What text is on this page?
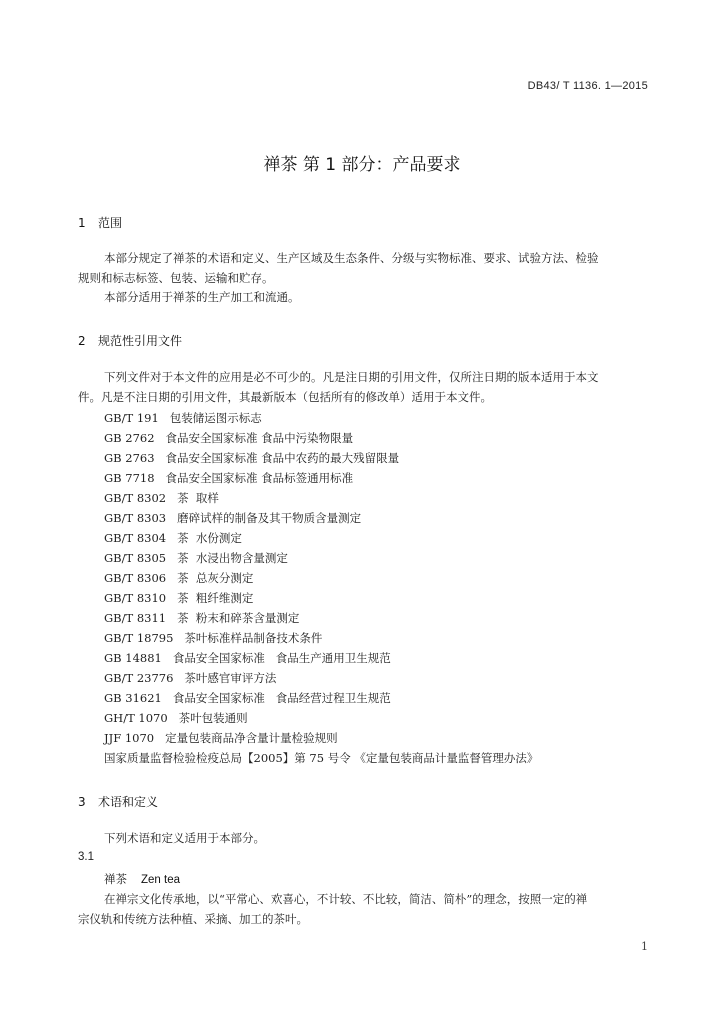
DB43/ T 1136. 1—2015
禅茶 第 1 部分：产品要求
1 范围
本部分规定了禅茶的术语和定义、生产区域及生态条件、分级与实物标准、要求、试验方法、检验
规则和标志标签、包装、运输和贮存。
本部分适用于禅茶的生产加工和流通。
2 规范性引用文件
下列文件对于本文件的应用是必不可少的。凡是注日期的引用文件，仅所注日期的版本适用于本文
件。凡是不注日期的引用文件，其最新版本（包括所有的修改单）适用于本文件。
GB/T 191   包装储运图示标志
GB 2762   食品安全国家标准 食品中污染物限量
GB 2763   食品安全国家标准 食品中农药的最大残留限量
GB 7718   食品安全国家标准 食品标签通用标准
GB/T 8302   茶  取样
GB/T 8303   磨碎试样的制备及其干物质含量测定
GB/T 8304   茶  水份测定
GB/T 8305   茶  水浸出物含量测定
GB/T 8306   茶  总灰分测定
GB/T 8310   茶  粗纤维测定
GB/T 8311   茶  粉末和碎茶含量测定
GB/T 18795   茶叶标准样品制备技术条件
GB 14881   食品安全国家标准   食品生产通用卫生规范
GB/T 23776   茶叶感官审评方法
GB 31621   食品安全国家标准   食品经营过程卫生规范
GH/T 1070   茶叶包装通则
JJF 1070   定量包装商品净含量计量检验规则
国家质量监督检验检疫总局【2005】第 75 号令 《定量包装商品计量监督管理办法》
3 术语和定义
下列术语和定义适用于本部分。
3.1
禅茶 Zen tea
在禅宗文化传承地，以“平常心、欢喜心，不计较、不比较，简洁、简朴”的理念，按照一定的禅
宗仪轨和传统方法种植、采摘、加工的茶叶。
1
